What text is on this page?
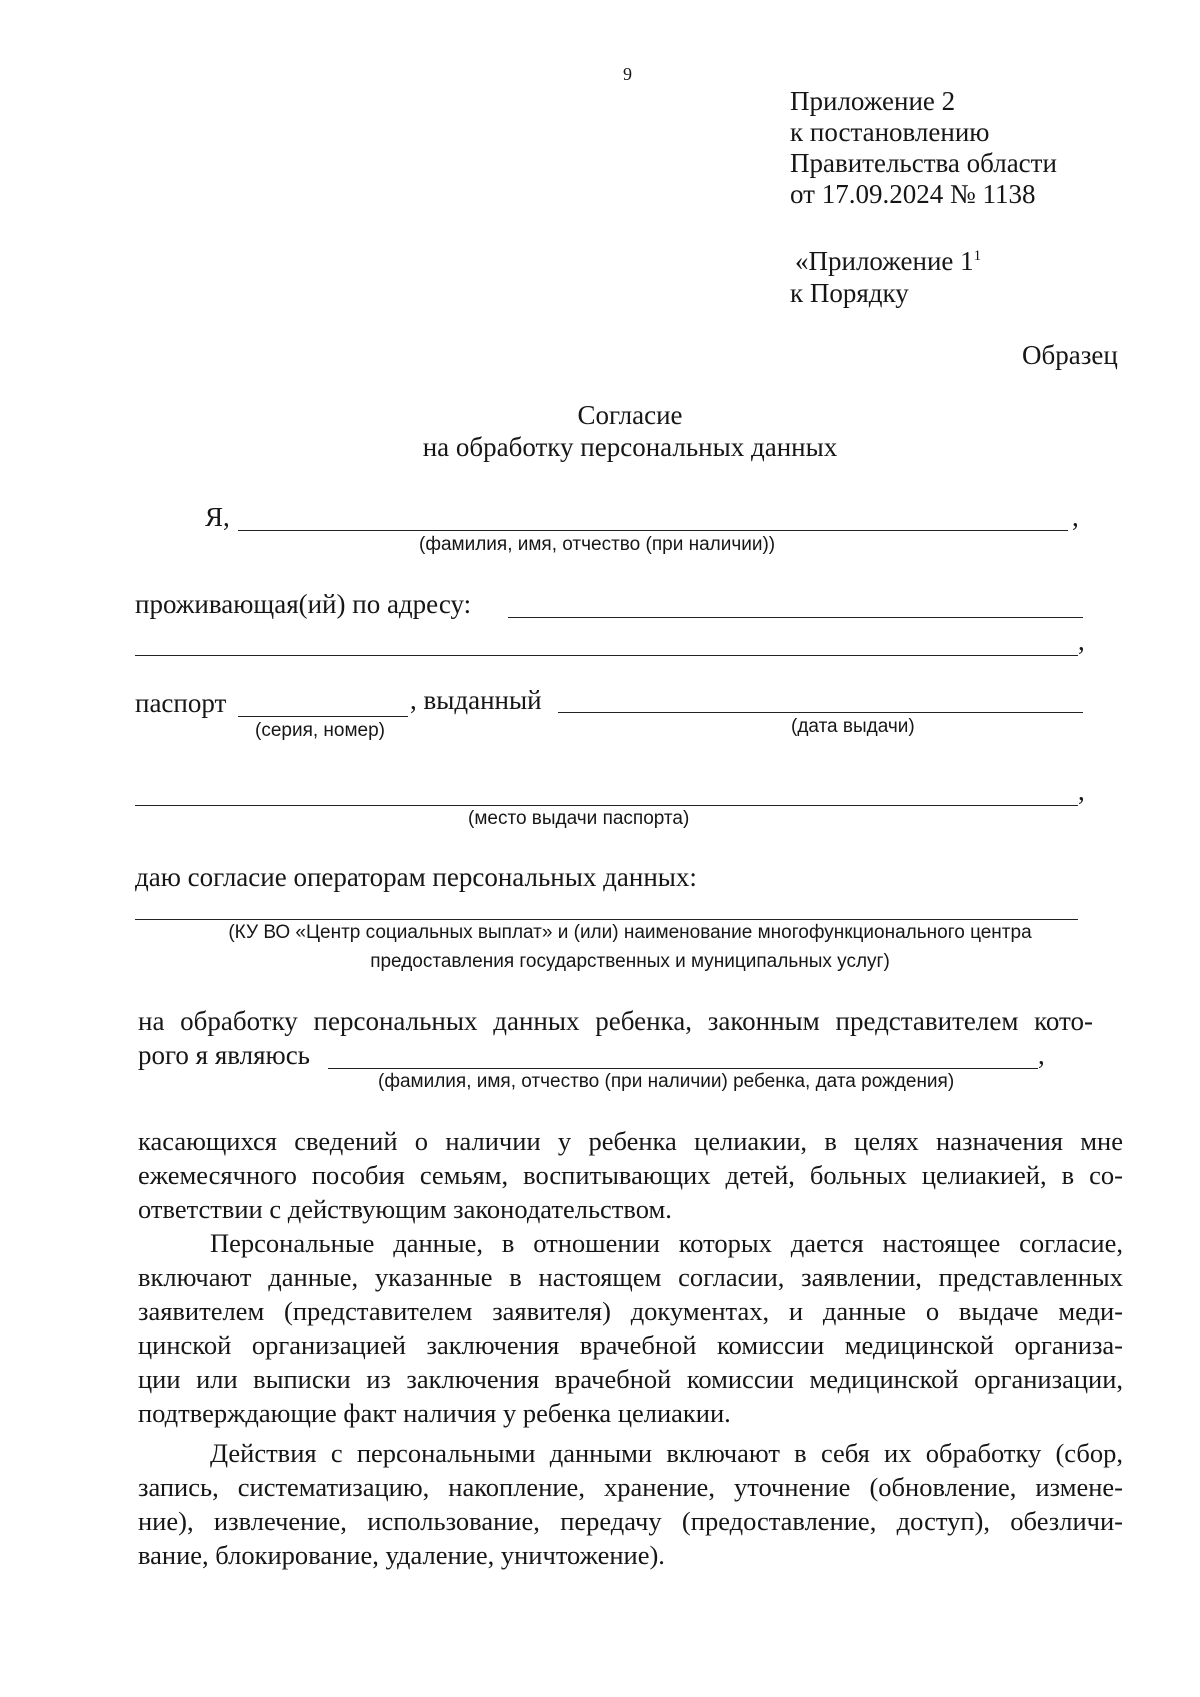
9
Приложение 2
к постановлению
Правительства области
от 17.09.2024 № 1138
«Приложение $1^1$
к Порядку
Образец
Согласие
на обработку персональных данных
Я,	,
(фамилия, имя, отчество (при наличии))
проживающая(ий) по адресу:
,
паспорт	, выданный
(серия, номер)	(дата выдачи)
,
(место выдачи паспорта)
даю согласие операторам персональных данных:
(КУ ВО «Центр социальных выплат» и (или) наименование многофункционального центра
предоставления государственных и муниципальных услуг)
на обработку персональных данных ребенка, законным представителем кото-
рого я являюсь	,
(фамилия, имя, отчество (при наличии) ребенка, дата рождения)
касающихся сведений о наличии у ребенка целиакии, в целях назначения мне
ежемесячного пособия семьям, воспитывающих детей, больных целиакией, в со-
ответствии с действующим законодательством.
Персональные данные, в отношении которых дается настоящее согласие,
включают данные, указанные в настоящем согласии, заявлении, представленных
заявителем (представителем заявителя) документах, и данные о выдаче меди-
цинской организацией заключения врачебной комиссии медицинской организа-
ции или выписки из заключения врачебной комиссии медицинской организации,
подтверждающие факт наличия у ребенка целиакии.
Действия с персональными данными включают в себя их обработку (сбор,
запись, систематизацию, накопление, хранение, уточнение (обновление, измене-
ние), извлечение, использование, передачу (предоставление, доступ), обезличи-
вание, блокирование, удаление, уничтожение).
